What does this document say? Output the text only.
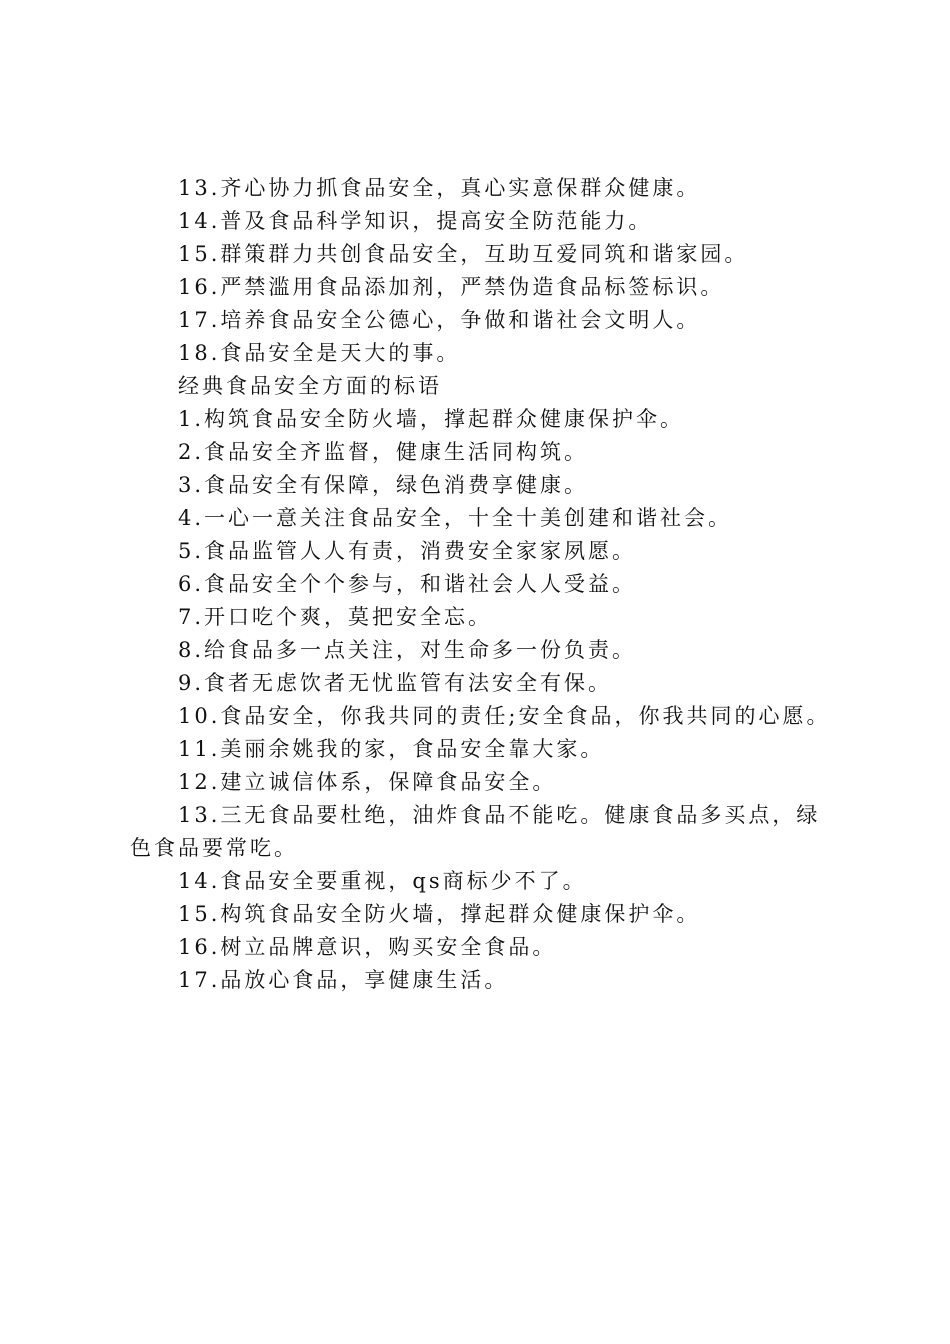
13.齐心协力抓食品安全，真心实意保群众健康。
14.普及食品科学知识，提高安全防范能力。
15.群策群力共创食品安全，互助互爱同筑和谐家园。
16.严禁滥用食品添加剂，严禁伪造食品标签标识。
17.培养食品安全公德心，争做和谐社会文明人。
18.食品安全是天大的事。
经典食品安全方面的标语
1.构筑食品安全防火墙，撑起群众健康保护伞。
2.食品安全齐监督，健康生活同构筑。
3.食品安全有保障，绿色消费享健康。
4.一心一意关注食品安全，十全十美创建和谐社会。
5.食品监管人人有责，消费安全家家夙愿。
6.食品安全个个参与，和谐社会人人受益。
7.开口吃个爽，莫把安全忘。
8.给食品多一点关注，对生命多一份负责。
9.食者无虑饮者无忧监管有法安全有保。
10.食品安全，你我共同的责任;安全食品，你我共同的心愿。
11.美丽余姚我的家，食品安全靠大家。
12.建立诚信体系，保障食品安全。
13.三无食品要杜绝，油炸食品不能吃。健康食品多买点，绿色食品要常吃。
14.食品安全要重视，qs商标少不了。
15.构筑食品安全防火墙，撑起群众健康保护伞。
16.树立品牌意识，购买安全食品。
17.品放心食品，享健康生活。
